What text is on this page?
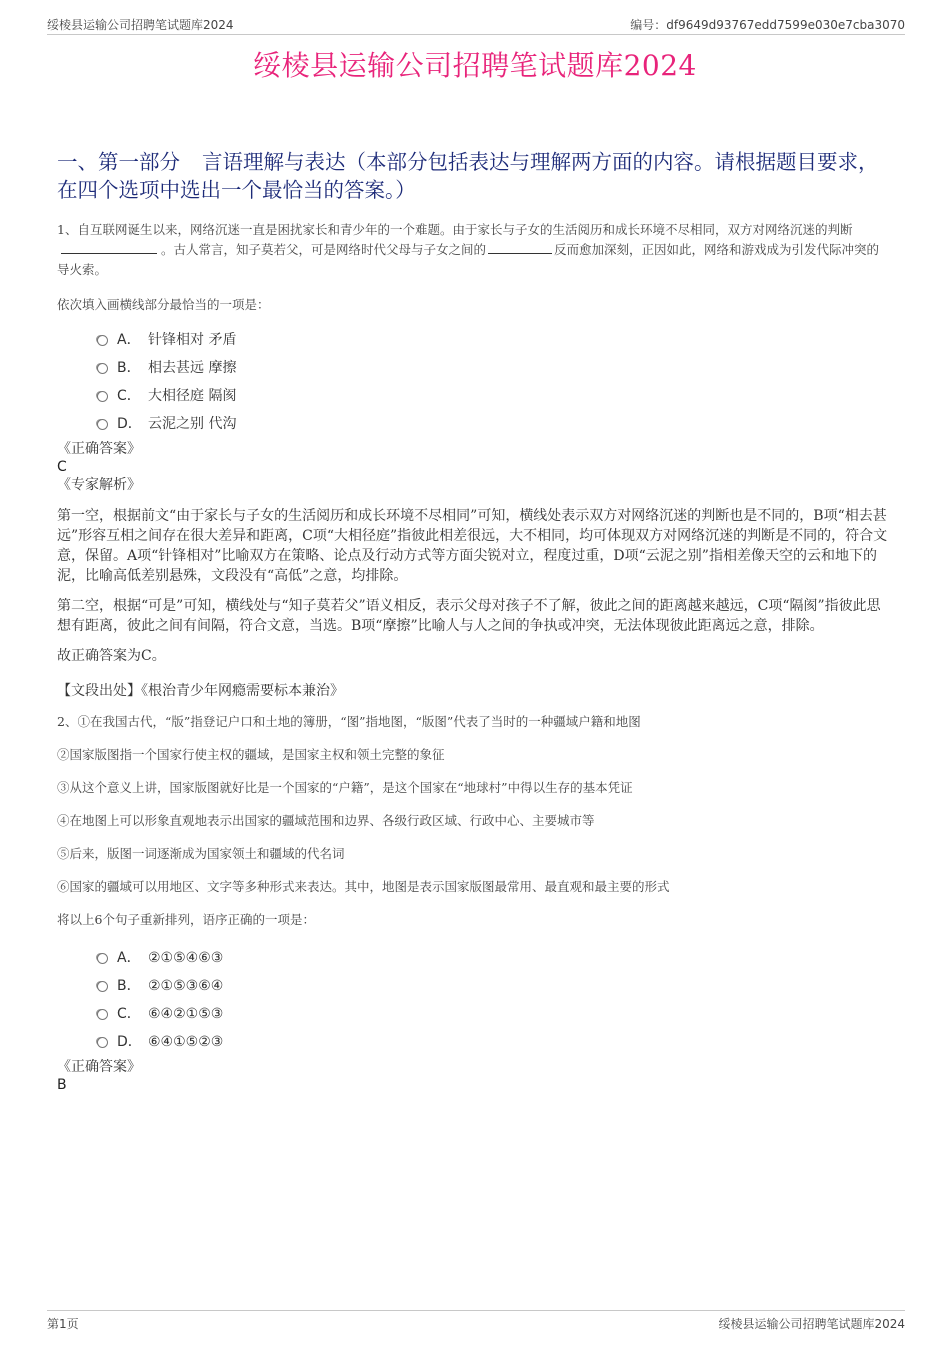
绥棱县运输公司招聘笔试题库2024	编号：df9649d93767edd7599e030e7cba3070
绥棱县运输公司招聘笔试题库2024
一、第一部分 言语理解与表达（本部分包括表达与理解两方面的内容。请根据题目要求，在四个选项中选出一个最恰当的答案。）

1、自互联网诞生以来，网络沉迷一直是困扰家长和青少年的一个难题。由于家长与子女的生活阅历和成长环境不尽相同，双方对网络沉迷的判断。古人常言，知子莫若父，可是网络时代父母与子女之间的	反而愈加深刻，正因如此，网络和游戏成为引发代际冲突的导火索。

依次填入画横线部分最恰当的一项是：

A． 针锋相对 矛盾
B． 相去甚远 摩擦
C． 大相径庭 隔阂
D． 云泥之别 代沟

《正确答案》

C

《专家解析》

第一空，根据前文“由于家长与子女的生活阅历和成长环境不尽相同”可知，横线处表示双方对网络沉迷的判断也是不同的，B项“相去甚远”形容互相之间存在很大差异和距离，C项“大相径庭”指彼此相差很远，大不相同，均可体现双方对网络沉迷的判断是不同的，符合文意，保留。A项“针锋相对”比喻双方在策略、论点及行动方式等方面尖锐对立，程度过重，D项“云泥之别”指相差像天空的云和地下的泥，比喻高低差别悬殊，文段没有“高低”之意，均排除。

第二空，根据“可是”可知，横线处与“知子莫若父”语义相反，表示父母对孩子不了解，彼此之间的距离越来越远，C项“隔阂”指彼此思想有距离，彼此之间有间隔，符合文意，当选。B项“摩擦”比喻人与人之间的争执或冲突，无法体现彼此距离远之意，排除。

故正确答案为C。

【文段出处】《根治青少年网瘾需要标本兼治》

2、①在我国古代，“版”指登记户口和土地的簿册，“图”指地图，“版图”代表了当时的一种疆域户籍和地图

②国家版图指一个国家行使主权的疆域，是国家主权和领土完整的象征

③从这个意义上讲，国家版图就好比是一个国家的“户籍”，是这个国家在“地球村”中得以生存的基本凭证

④在地图上可以形象直观地表示出国家的疆域范围和边界、各级行政区域、行政中心、主要城市等

⑤后来，版图一词逐渐成为国家领土和疆域的代名词

⑥国家的疆域可以用地区、文字等多种形式来表达。其中，地图是表示国家版图最常用、最直观和最主要的形式

将以上6个句子重新排列，语序正确的一项是：

A． ②①⑤④⑥③
B． ②①⑤③⑥④
C． ⑥④②①⑤③
D． ⑥④①⑤②③

《正确答案》

B

第1页	绥棱县运输公司招聘笔试题库2024
